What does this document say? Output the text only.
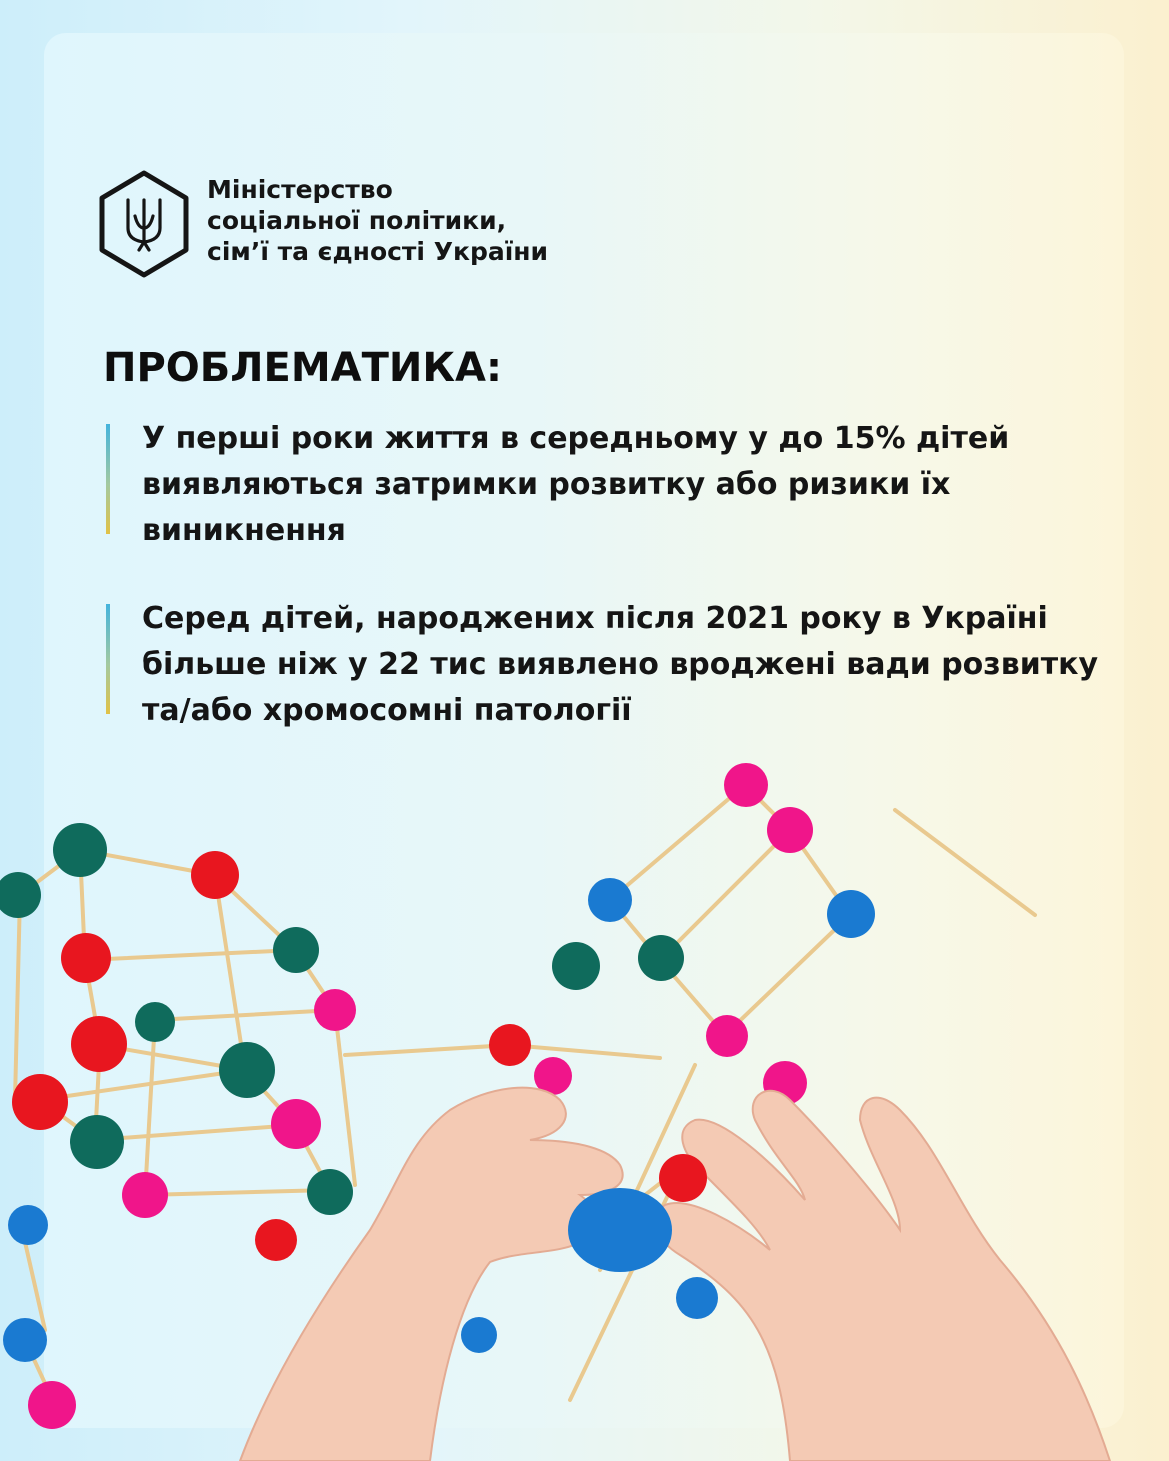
Міністерство
соціальної політики,
сім’ї та єдності України
ПРОБЛЕМАТИКА:

У перші роки життя в середньому у до 15% дітей виявляються затримки розвитку або ризики їх виникнення

Серед дітей, народжених після 2021 року в Україні більше ніж у 22 тис виявлено вроджені вади розвитку та/або хромосомні патології
